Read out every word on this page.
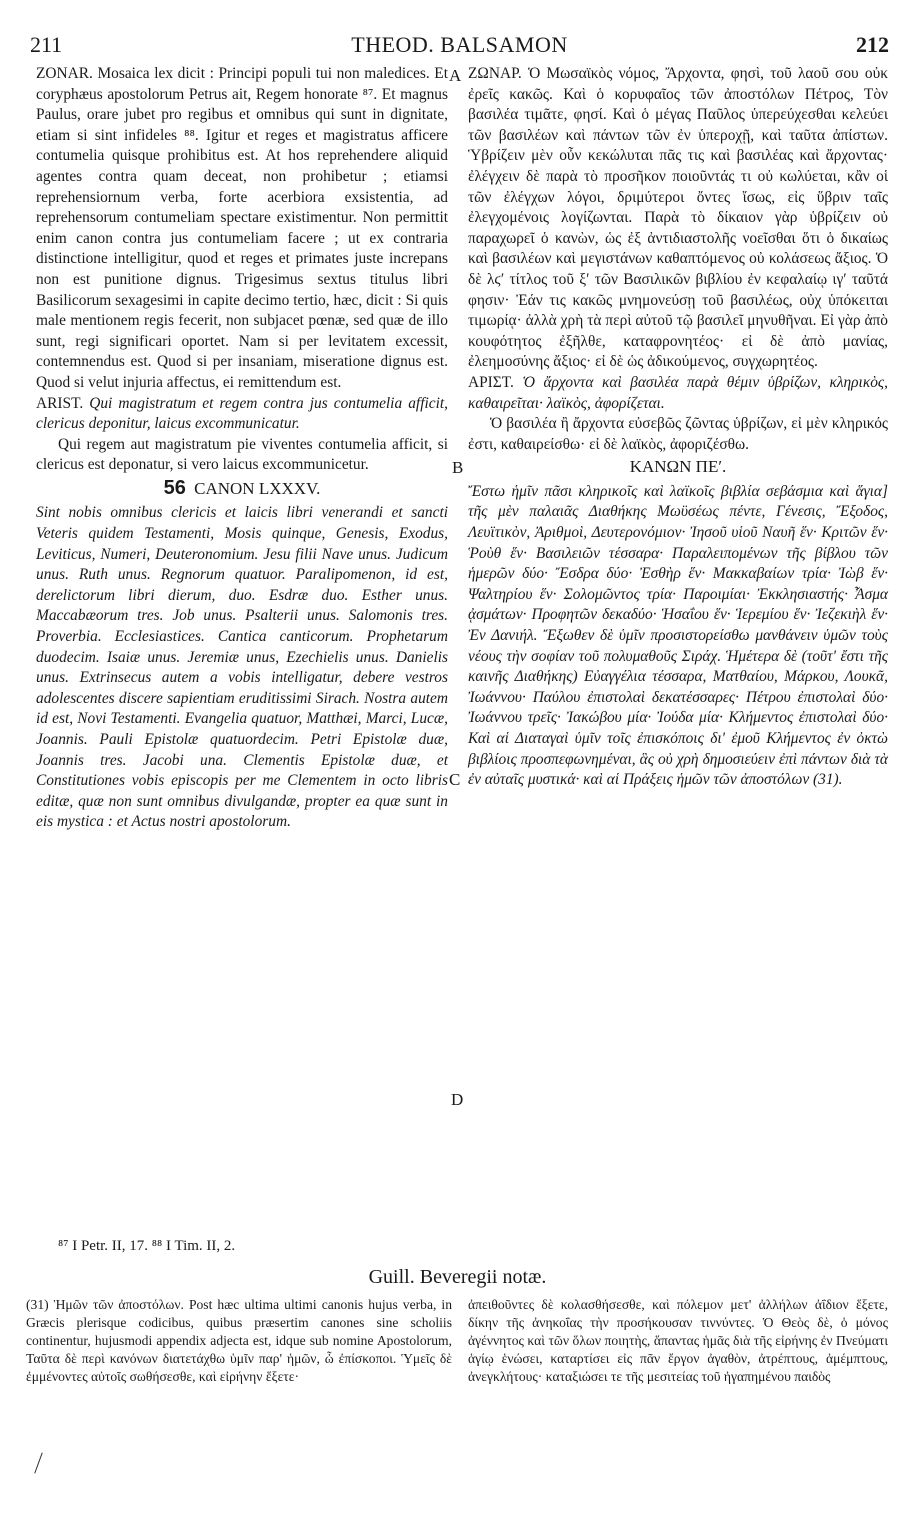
211	THEOD. BALSAMON	212
A
B
C
D

ZONAR. Mosaica lex dicit : Principi populi tui non maledices. Et coryphæus apostolorum Petrus ait, Regem honorate ⁸⁷. Et magnus Paulus, orare jubet pro regibus et omnibus qui sunt in dignitate, etiam si sint infideles ⁸⁸. Igitur et reges et magistratus afficere contumelia quisque prohibitus est. At hos reprehendere aliquid agentes contra quam deceat, non prohibetur ; etiamsi reprehensiornum verba, forte acerbiora exsistentia, ad reprehensorum contumeliam spectare existimentur. Non permittit enim canon contra jus contumeliam facere ; ut ex contraria distinctione intelligitur, quod et reges et primates juste increpans non est punitione dignus. Trigesimus sextus titulus libri Basilicorum sexagesimi in capite decimo tertio, hæc, dicit : Si quis male mentionem regis fecerit, non subjacet pœnæ, sed quæ de illo sunt, regi significari oportet. Nam si per levitatem excessit, contemnendus est. Quod si per insaniam, miseratione dignus est. Quod si velut injuria affectus, ei remittendum est.

ARIST. Qui magistratum et regem contra jus contumelia afficit, clericus deponitur, laicus excommunicatur.

Qui regem aut magistratum pie viventes contumelia afficit, si clericus est deponatur, si vero laicus excommunicetur.

56 CANON LXXXV.

Sint nobis omnibus clericis et laicis libri venerandi et sancti Veteris quidem Testamenti, Mosis quinque, Genesis, Exodus, Leviticus, Numeri, Deuteronomium. Jesu filii Nave unus. Judicum unus. Ruth unus. Regnorum quatuor. Paralipomenon, id est, derelictorum libri dierum, duo. Esdræ duo. Esther unus. Maccabæorum tres. Job unus. Psalterii unus. Salomonis tres. Proverbia. Ecclesiastices. Cantica canticorum. Prophetarum duodecim. Isaiæ unus. Jeremiæ unus, Ezechielis unus. Danielis unus. Extrinsecus autem a vobis intelligatur, debere vestros adolescentes discere sapientiam eruditissimi Sirach. Nostra autem id est, Novi Testamenti. Evangelia quatuor, Matthæi, Marci, Lucæ, Joannis. Pauli Epistolæ quatuordecim. Petri Epistolæ duæ, Joannis tres. Jacobi una. Clementis Epistolæ duæ, et Constitutiones vobis episcopis per me Clementem in octo libris editæ, quæ non sunt omnibus divulgandæ, propter ea quæ sunt in eis mystica : et Actus nostri apostolorum.

ΖΩΝΑΡ. Ὁ Μωσαϊκὸς νόμος, Ἄρχοντα, φησὶ, τοῦ λαοῦ σου οὐκ ἐρεῖς κακῶς. Καὶ ὁ κορυφαῖος τῶν ἀποστόλων Πέτρος, Τὸν βασιλέα τιμᾶτε, φησί. Καὶ ὁ μέγας Παῦλος ὑπερεύχεσθαι κελεύει τῶν βασιλέων καὶ πάντων τῶν ἐν ὑπεροχῇ, καὶ ταῦτα ἀπίστων. Ὑβρίζειν μὲν οὖν κεκώλυται πᾶς τις καὶ βασιλέας καὶ ἄρχοντας· ἐλέγχειν δὲ παρὰ τὸ προσῆκον ποιοῦντάς τι οὐ κωλύεται, κἂν οἱ τῶν ἐλέγχων λόγοι, δριμύτεροι ὄντες ἴσως, εἰς ὕβριν ταῖς ἐλεγχομένοις λογίζωνται. Παρὰ τὸ δίκαιον γὰρ ὑβρίζειν οὐ παραχωρεῖ ὁ κανὼν, ὡς ἐξ ἀντιδιαστολῆς νοεῖσθαι ὅτι ὁ δικαίως καὶ βασιλέων καὶ μεγιστάνων καθαπτόμενος οὐ κολάσεως ἄξιος. Ὁ δὲ λϛ′ τίτλος τοῦ ξ′ τῶν Βασιλικῶν βιβλίου ἐν κεφαλαίῳ ιγ′ ταῦτά φησιν· Ἐάν τις κακῶς μνημονεύσῃ τοῦ βασιλέως, οὐχ ὑπόκειται τιμωρίᾳ· ἀλλὰ χρὴ τὰ περὶ αὐτοῦ τῷ βασιλεῖ μηνυθῆναι. Εἰ γὰρ ἀπὸ κουφότητος ἐξῆλθε, καταφρονητέος· εἰ δὲ ἀπὸ μανίας, ἐλεημοσύνης ἄξιος· εἰ δὲ ὡς ἀδικούμενος, συγχωρητέος.

ΑΡΙΣΤ. Ὁ ἄρχοντα καὶ βασιλέα παρὰ θέμιν ὑβρίζων, κληρικὸς, καθαιρεῖται· λαϊκὸς, ἀφορίζεται.

Ὁ βασιλέα ἢ ἄρχοντα εὐσεβῶς ζῶντας ὑβρίζων, εἰ μὲν κληρικός ἐστι, καθαιρείσθω· εἰ δὲ λαϊκὸς, ἀφοριζέσθω.

ΚΑΝΩΝ ΠΕ′.

Ἔστω ἡμῖν πᾶσι κληρικοῖς καὶ λαϊκοῖς βιβλία σεβάσμια καὶ ἅγια] τῆς μὲν παλαιᾶς Διαθήκης Μωϋσέως πέντε, Γένεσις, Ἔξοδος, Λευϊτικὸν, Ἀριθμοὶ, Δευτερονόμιον· Ἰησοῦ υἱοῦ Ναυῆ ἕν· Κριτῶν ἕν· Ῥοὺθ ἕν· Βασιλειῶν τέσσαρα· Παραλειπομένων τῆς βίβλου τῶν ἡμερῶν δύο· Ἔσδρα δύο· Ἐσθὴρ ἕν· Μακκαβαίων τρία· Ἰὼβ ἕν· Ψαλτηρίου ἕν· Σολομῶντος τρία· Παροιμίαι· Ἐκκλησιαστής· Ἆσμα ᾀσμάτων· Προφητῶν δεκαδύο· Ἡσαΐου ἕν· Ἱερεμίου ἕν· Ἰεζεκιὴλ ἕν· Ἐν Δανιήλ. Ἔξωθεν δὲ ὑμῖν προσιστορείσθω μανθάνειν ὑμῶν τοὺς νέους τὴν σοφίαν τοῦ πολυμαθοῦς Σιράχ. Ἡμέτερα δὲ (τοῦτ' ἔστι τῆς καινῆς Διαθήκης) Εὐαγγέλια τέσσαρα, Ματθαίου, Μάρκου, Λουκᾶ, Ἰωάννου· Παύλου ἐπιστολαὶ δεκατέσσαρες· Πέτρου ἐπιστολαὶ δύο· Ἰωάννου τρεῖς· Ἰακώβου μία· Ἰούδα μία· Κλήμεντος ἐπιστολαὶ δύο· Καὶ αἱ Διαταγαὶ ὑμῖν τοῖς ἐπισκόποις δι' ἐμοῦ Κλήμεντος ἐν ὀκτὼ βιβλίοις προσπεφωνημέναι, ἃς οὐ χρὴ δημοσιεύειν ἐπὶ πάντων διὰ τὰ ἐν αὐταῖς μυστικά· καὶ αἱ Πράξεις ἡμῶν τῶν ἀποστόλων (31).

⁸⁷ I Petr. II, 17. ⁸⁸ I Tim. II, 2.
Guill. Beveregii notæ.
(31) Ἡμῶν τῶν ἀποστόλων. Post hæc ultima ultimi canonis hujus verba, in Græcis plerisque codicibus, quibus præsertim canones sine scholiis continentur, hujusmodi appendix adjecta est, idque sub nomine Apostolorum, Ταῦτα δὲ περὶ κανόνων διατετάχθω ὑμῖν παρ' ἡμῶν, ὦ ἐπίσκοποι. Ὑμεῖς δὲ ἐμμένοντες αὐτοῖς σωθήσεσθε, καὶ εἰρήνην ἕξετε·
ἀπειθοῦντες δὲ κολασθήσεσθε, καὶ πόλεμον μετ' ἀλλήλων ἀΐδιον ἕξετε, δίκην τῆς ἀνηκοΐας τὴν προσήκουσαν τιννύντες. Ὁ Θεὸς δὲ, ὁ μόνος ἀγέννητος καὶ τῶν ὅλων ποιητὴς, ἅπαντας ἡμᾶς διὰ τῆς εἰρήνης ἐν Πνεύματι ἁγίῳ ἑνώσει, καταρτίσει εἰς πᾶν ἔργον ἀγαθὸν, ἀτρέπτους, ἀμέμπτους, ἀνεγκλήτους· καταξιώσει τε τῆς μεσιτείας τοῦ ἠγαπημένου παιδὸς
